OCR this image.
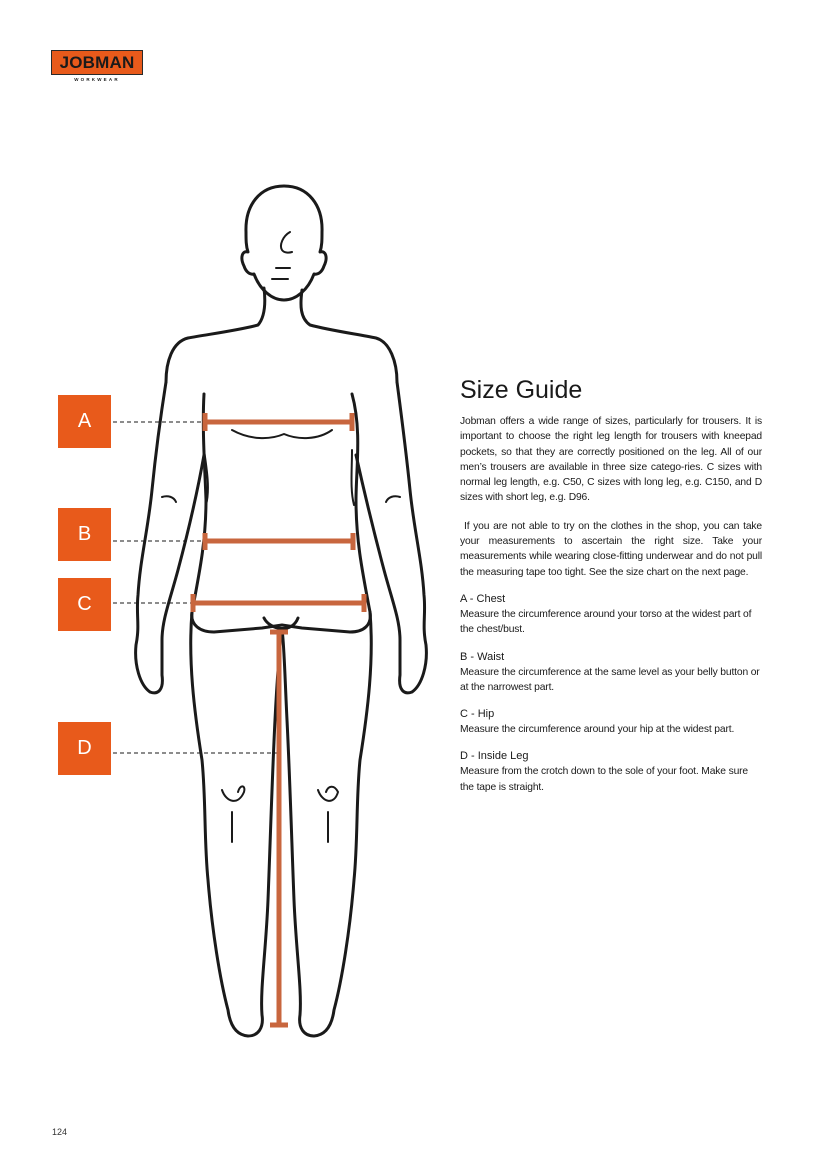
JOBMAN
WORKWEAR
A
B
C
D
Size Guide

Jobman offers a wide range of sizes, particularly for trousers. It is important to choose the right leg length for trousers with kneepad pockets, so that they are correctly positioned on the leg. All of our men’s trousers are available in three size catego-ries. C sizes with normal leg length, e.g. C50, C sizes with long leg, e.g. C150, and D sizes with short leg, e.g. D96.

If you are not able to try on the clothes in the shop, you can take your measurements to ascertain the right size. Take your measurements while wearing close-fitting underwear and do not pull the measuring tape too tight. See the size chart on the next page.

A - Chest
Measure the circumference around your torso at the widest part of the chest/bust.
B - Waist
Measure the circumference at the same level as your belly button or at the narrowest part.
C - Hip
Measure the circumference around your hip at the widest part.
D - Inside Leg
Measure from the crotch down to the sole of your foot. Make sure the tape is straight.
124
